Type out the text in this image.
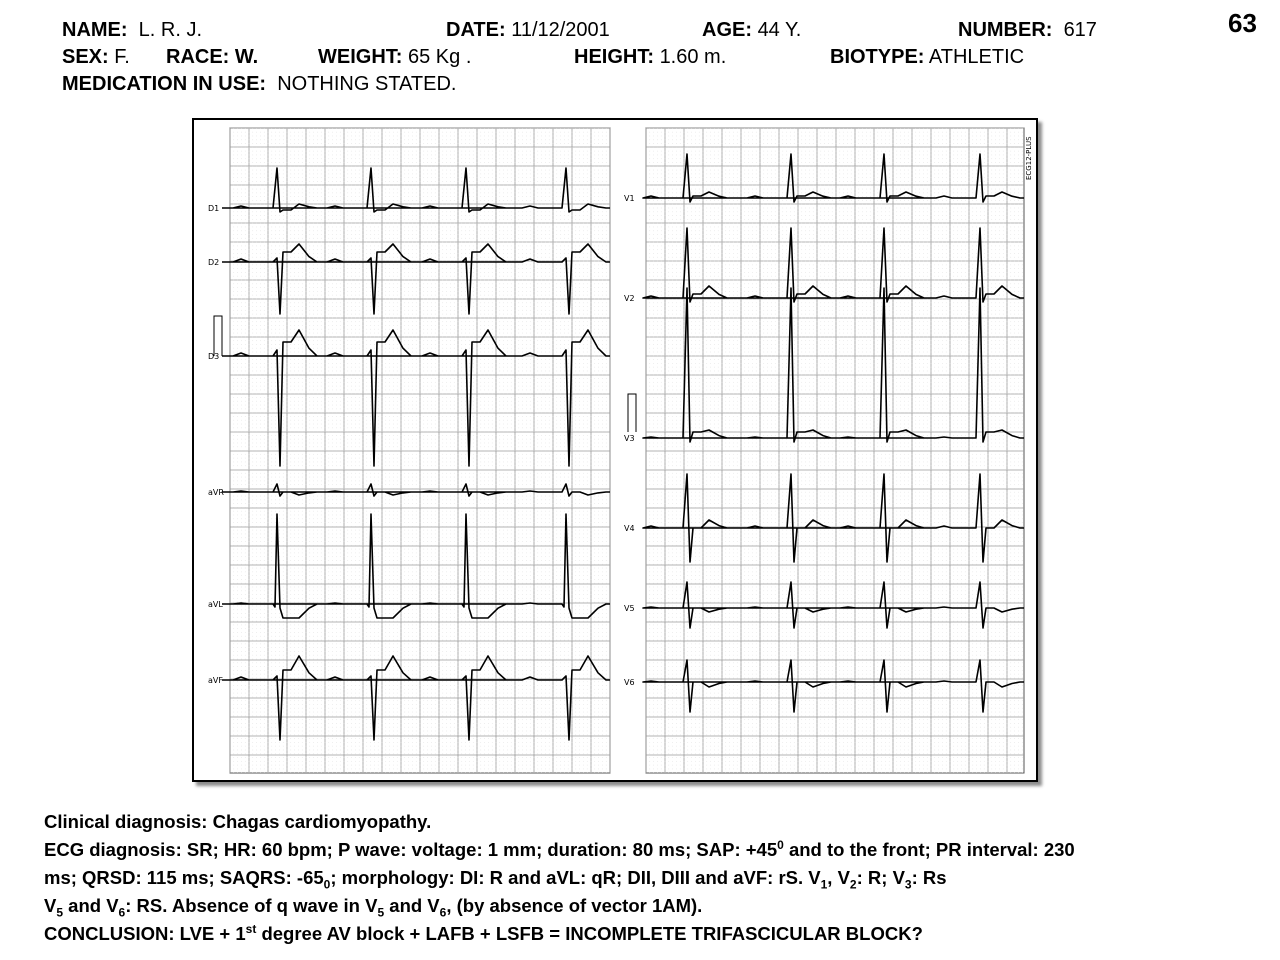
63
NAME: L. R. J.	DATE: 11/12/2001	AGE: 44 Y.	NUMBER: 617
SEX: F. RACE: W.	WEIGHT: 65 Kg .	HEIGHT: 1.60 m.	BIOTYPE: ATHLETIC
MEDICATION IN USE: NOTHING STATED.
D1
D2
D3
aVR
aVL
aVF
V1
V2
V3
V4
V5
V6
ECG12-PLUS
Clinical diagnosis: Chagas cardiomyopathy.
ECG diagnosis: SR; HR: 60 bpm; P wave: voltage: 1 mm; duration: 80 ms; SAP: $+45^0$ and to the front; PR interval: 230
ms; QRSD: 115 ms; SAQRS: $-65_0$; morphology: DI: R and aVL: qR; DII, DIII and aVF: rS. $V_1$, $V_2$: R; $V_3$: Rs
$V_5$ and $V_6$: RS. Absence of q wave in $V_5$ and $V_6$, (by absence of vector 1AM).
CONCLUSION: LVE + 1st degree AV block + LAFB + LSFB = INCOMPLETE TRIFASCICULAR BLOCK?
